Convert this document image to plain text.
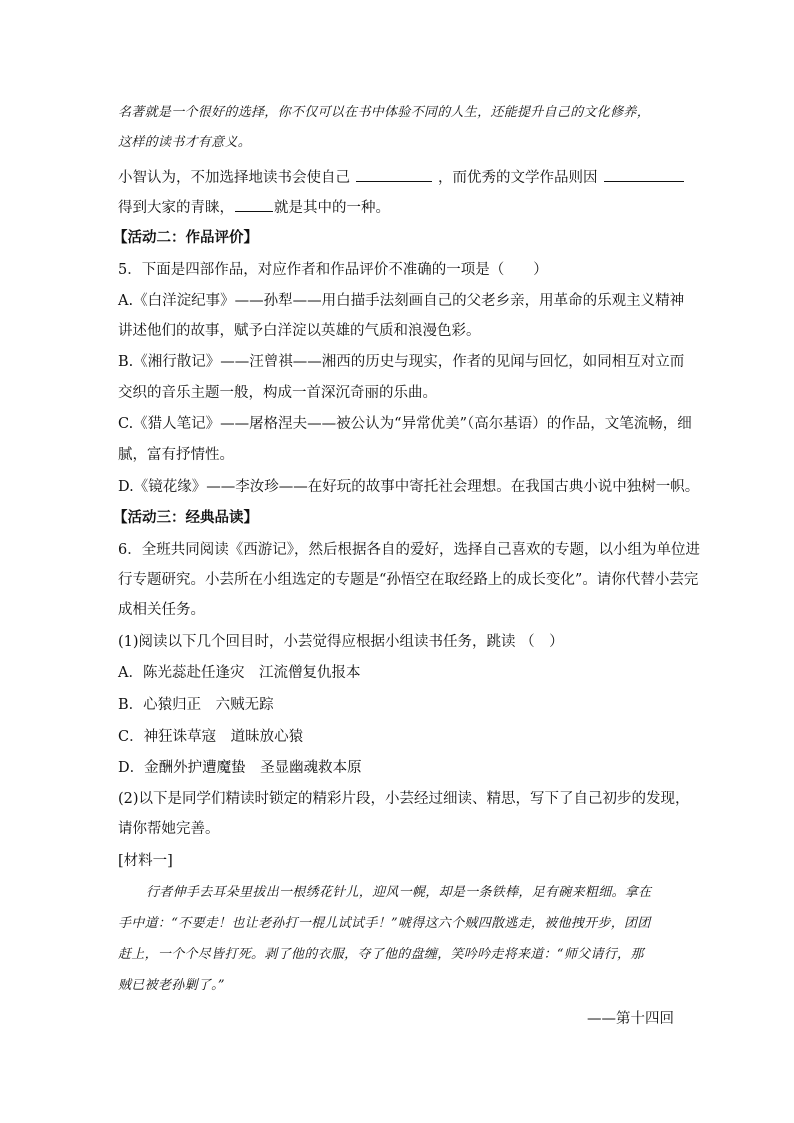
名著就是一个很好的选择，你不仅可以在书中体验不同的人生，还能提升自己的文化修养，
这样的读书才有意义。
小智认为，不加选择地读书会使自己	，而优秀的文学作品则因
得到大家的青睐，	就是其中的一种。
【活动二：作品评价】
5．下面是四部作品，对应作者和作品评价不准确的一项是（　　）
A.《白洋淀纪事》——孙犁——用白描手法刻画自己的父老乡亲，用革命的乐观主义精神
讲述他们的故事，赋予白洋淀以英雄的气质和浪漫色彩。
B.《湘行散记》——汪曾祺——湘西的历史与现实，作者的见闻与回忆，如同相互对立而
交织的音乐主题一般，构成一首深沉奇丽的乐曲。
C.《猎人笔记》——屠格涅夫——被公认为“异常优美”（高尔基语）的作品，文笔流畅，细
腻，富有抒情性。
D.《镜花缘》——李汝珍——在好玩的故事中寄托社会理想。在我国古典小说中独树一帜。
【活动三：经典品读】
6．全班共同阅读《西游记》，然后根据各自的爱好，选择自己喜欢的专题，以小组为单位进
行专题研究。小芸所在小组选定的专题是“孙悟空在取经路上的成长变化”。请你代替小芸完
成相关任务。
(1)阅读以下几个回目时，小芸觉得应根据小组读书任务，跳读 （　）
A．陈光蕊赴任逢灾　江流僧复仇报本
B．心猿归正　六贼无踪
C．神狂诛草寇　道昧放心猿
D．金酬外护遭魔蛰　圣显幽魂救本原
(2)以下是同学们精读时锁定的精彩片段，小芸经过细读、精思，写下了自己初步的发现，
请你帮她完善。
[材料一]
行者伸手去耳朵里拔出一根绣花针儿，迎风一幌，却是一条铁棒，足有碗来粗细。拿在
手中道：“不要走！也让老孙打一棍儿试试手！”唬得这六个贼四散逃走，被他拽开步，团团
赶上，一个个尽皆打死。剥了他的衣服，夺了他的盘缠，笑吟吟走将来道：“师父请行，那
贼已被老孙剿了。”
——第十四回
